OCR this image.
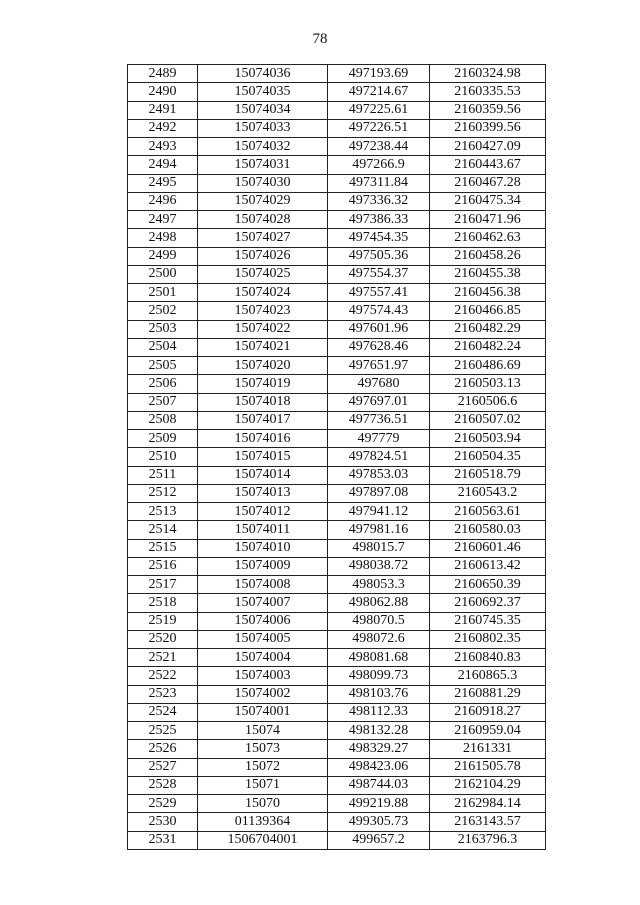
78
2489	15074036	497193.69	2160324.98
2490	15074035	497214.67	2160335.53
2491	15074034	497225.61	2160359.56
2492	15074033	497226.51	2160399.56
2493	15074032	497238.44	2160427.09
2494	15074031	497266.9	2160443.67
2495	15074030	497311.84	2160467.28
2496	15074029	497336.32	2160475.34
2497	15074028	497386.33	2160471.96
2498	15074027	497454.35	2160462.63
2499	15074026	497505.36	2160458.26
2500	15074025	497554.37	2160455.38
2501	15074024	497557.41	2160456.38
2502	15074023	497574.43	2160466.85
2503	15074022	497601.96	2160482.29
2504	15074021	497628.46	2160482.24
2505	15074020	497651.97	2160486.69
2506	15074019	497680	2160503.13
2507	15074018	497697.01	2160506.6
2508	15074017	497736.51	2160507.02
2509	15074016	497779	2160503.94
2510	15074015	497824.51	2160504.35
2511	15074014	497853.03	2160518.79
2512	15074013	497897.08	2160543.2
2513	15074012	497941.12	2160563.61
2514	15074011	497981.16	2160580.03
2515	15074010	498015.7	2160601.46
2516	15074009	498038.72	2160613.42
2517	15074008	498053.3	2160650.39
2518	15074007	498062.88	2160692.37
2519	15074006	498070.5	2160745.35
2520	15074005	498072.6	2160802.35
2521	15074004	498081.68	2160840.83
2522	15074003	498099.73	2160865.3
2523	15074002	498103.76	2160881.29
2524	15074001	498112.33	2160918.27
2525	15074	498132.28	2160959.04
2526	15073	498329.27	2161331
2527	15072	498423.06	2161505.78
2528	15071	498744.03	2162104.29
2529	15070	499219.88	2162984.14
2530	01139364	499305.73	2163143.57
2531	1506704001	499657.2	2163796.3
